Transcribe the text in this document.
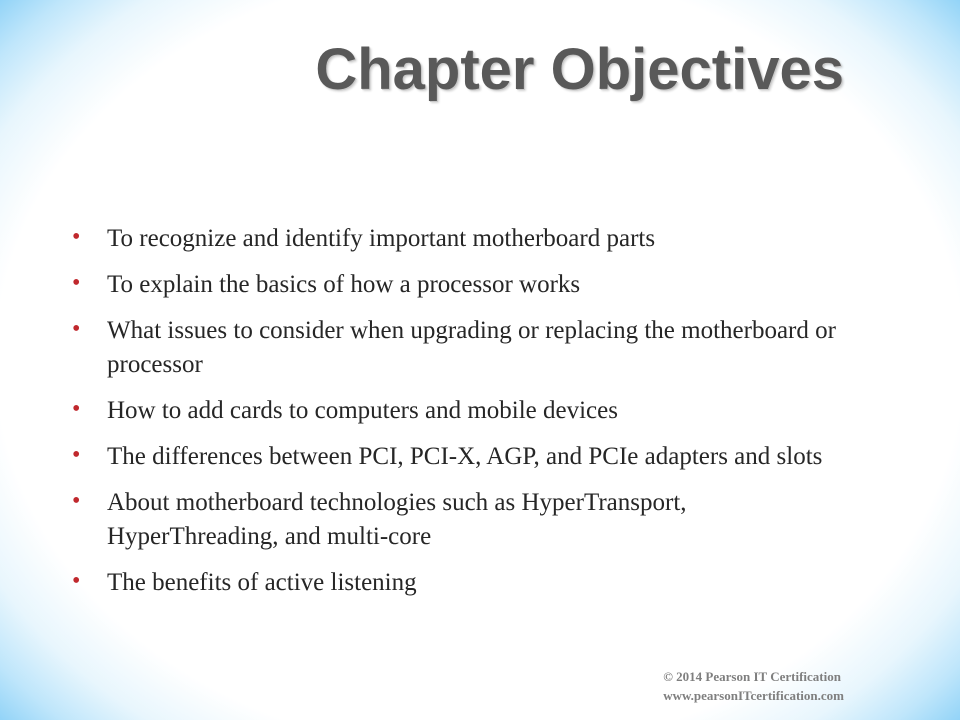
Chapter Objectives
• To recognize and identify important motherboard parts
• To explain the basics of how a processor works
• What issues to consider when upgrading or replacing the motherboard or processor
• How to add cards to computers and mobile devices
• The differences between PCI, PCI-X, AGP, and PCIe adapters and slots
• About motherboard technologies such as HyperTransport, HyperThreading, and multi-core
• The benefits of active listening
© 2014 Pearson IT Certification
www.pearsonITcertification.com
